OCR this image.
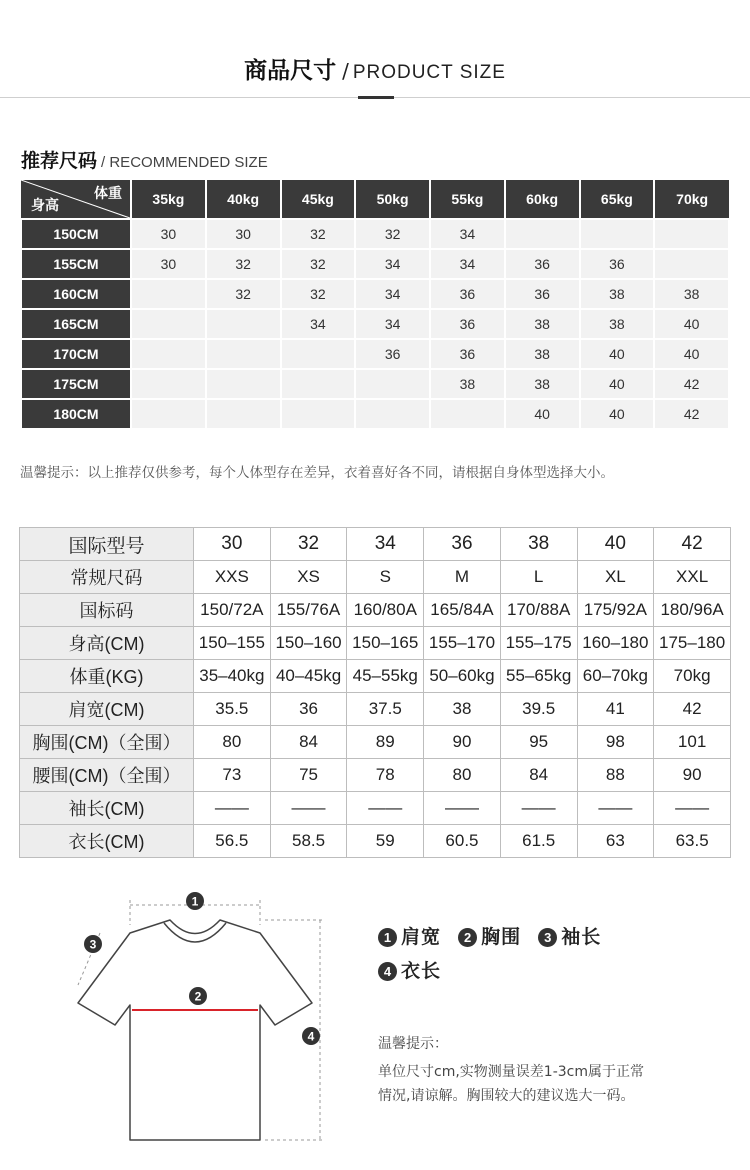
商品尺寸 / PRODUCT SIZE
推荐尺码 / RECOMMENDED SIZE
体重
身高	35kg	40kg	45kg	50kg	55kg	60kg	65kg	70kg
150CM	30	30	32	32	34			
155CM	30	32	32	34	34	36	36	
160CM		32	32	34	36	36	38	38
165CM			34	34	36	38	38	40
170CM				36	36	38	40	40
175CM					38	38	40	42
180CM						40	40	42
温馨提示：以上推荐仅供参考，每个人体型存在差异，衣着喜好各不同，请根据自身体型选择大小。
国际型号	30	32	34	36	38	40	42
常规尺码	XXS	XS	S	M	L	XL	XXL
国标码	150/72A	155/76A	160/80A	165/84A	170/88A	175/92A	180/96A
身高(CM)	150–155	150–160	150–165	155–170	155–175	160–180	175–180
体重(KG)	35–40kg	40–45kg	45–55kg	50–60kg	55–65kg	60–70kg	70kg
肩宽(CM)	35.5	36	37.5	38	39.5	41	42
胸围(CM)（全围）	80	84	89	90	95	98	101
腰围(CM)（全围）	73	75	78	80	84	88	90
袖长(CM)	——	——	——	——	——	——	——
衣长(CM)	56.5	58.5	59	60.5	61.5	63	63.5
1
2
3
4
1 肩宽 2 胸围 3 袖长
4 衣长
温馨提示：
单位尺寸cm,实物测量误差1-3cm属于正常
情况,请谅解。胸围较大的建议选大一码。
